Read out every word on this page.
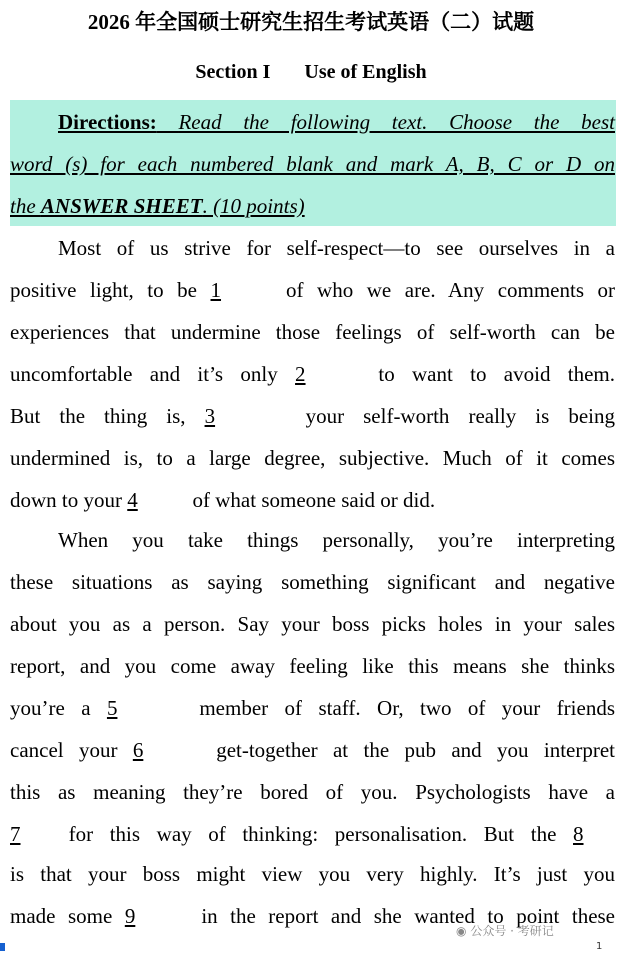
2026 年全国硕士研究生招生考试英语（二）试题
Section I Use of English
Directions: Read the following text. Choose the best
word (s) for each numbered blank and mark A, B, C or D on
the ANSWER SHEET. (10 points)
Most of us strive for self-respect—to see ourselves in a
positive light, to be 1	of who we are. Any comments or
experiences that undermine those feelings of self-worth can be
uncomfortable and it’s only 2	to want to avoid them.
But the thing is, 3	your self-worth really is being
undermined is, to a large degree, subjective. Much of it comes
down to your 4	of what someone said or did.
When you take things personally, you’re interpreting
these situations as saying something significant and negative
about you as a person. Say your boss picks holes in your sales
report, and you come away feeling like this means she thinks
you’re a 5	member of staff. Or, two of your friends
cancel your 6	get-together at the pub and you interpret
this as meaning they’re bored of you. Psychologists have a
7 for this way of thinking: personalisation. But the 8
is that your boss might view you very highly. It’s just you
made some 9	in the report and she wanted to point these
◉ 公众号 · 考研记
1
